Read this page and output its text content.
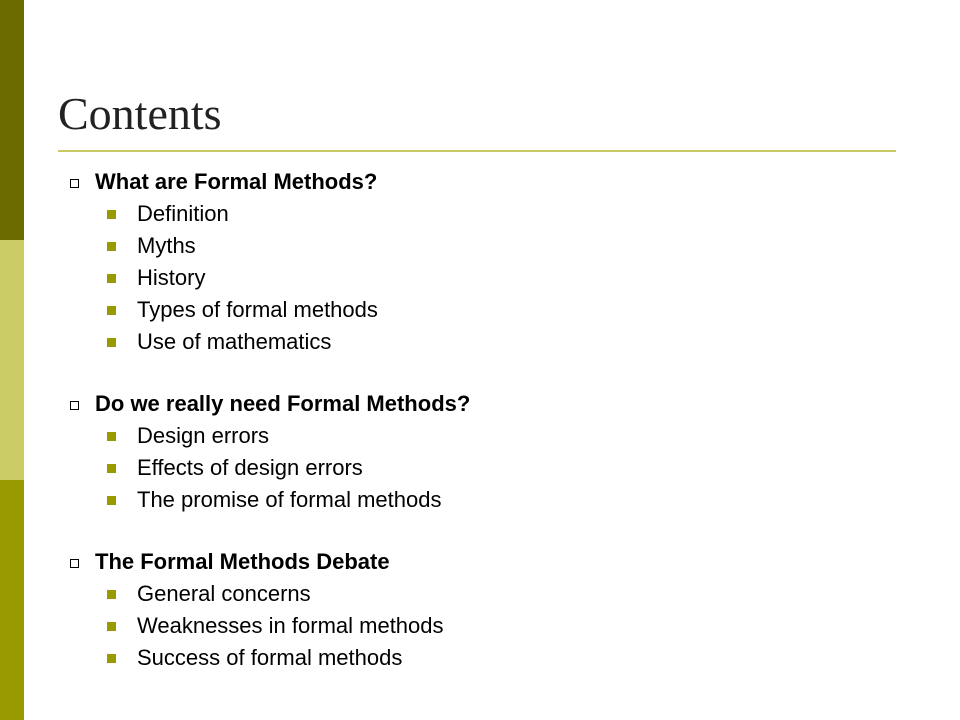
Contents
What are Formal Methods?
Definition
Myths
History
Types of formal methods
Use of mathematics
Do we really need Formal Methods?
Design errors
Effects of design errors
The promise of formal methods
The Formal Methods Debate
General concerns
Weaknesses in formal methods
Success of formal methods
